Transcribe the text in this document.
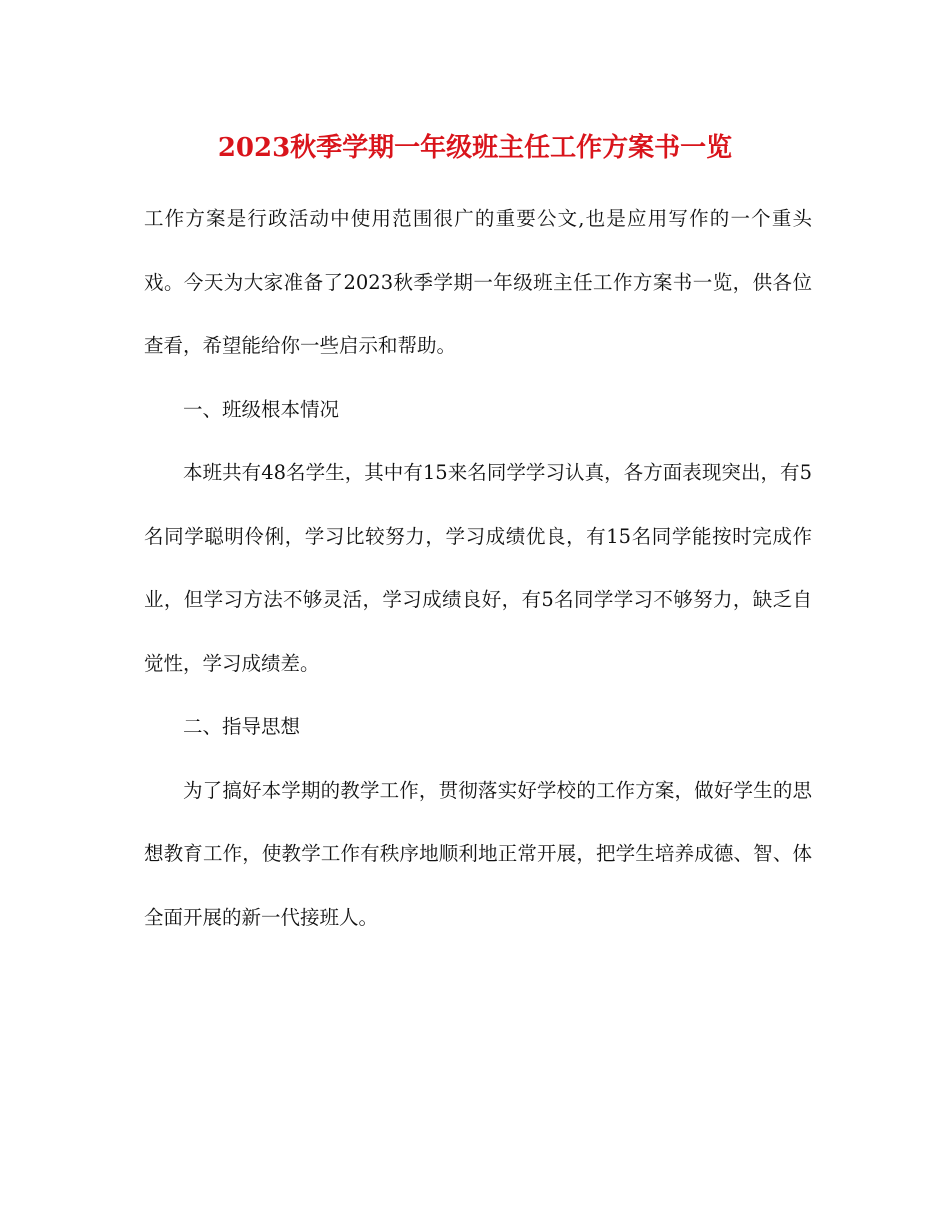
2023秋季学期一年级班主任工作方案书一览

工作方案是行政活动中使用范围很广的重要公文,也是应用写作的一个重头戏。今天为大家准备了2023秋季学期一年级班主任工作方案书一览，供各位查看，希望能给你一些启示和帮助。

一、班级根本情况

本班共有48名学生，其中有15来名同学学习认真，各方面表现突出，有5名同学聪明伶俐，学习比较努力，学习成绩优良，有15名同学能按时完成作业，但学习方法不够灵活，学习成绩良好，有5名同学学习不够努力，缺乏自觉性，学习成绩差。

二、指导思想

为了搞好本学期的教学工作，贯彻落实好学校的工作方案，做好学生的思想教育工作，使教学工作有秩序地顺利地正常开展，把学生培养成德、智、体全面开展的新一代接班人。
